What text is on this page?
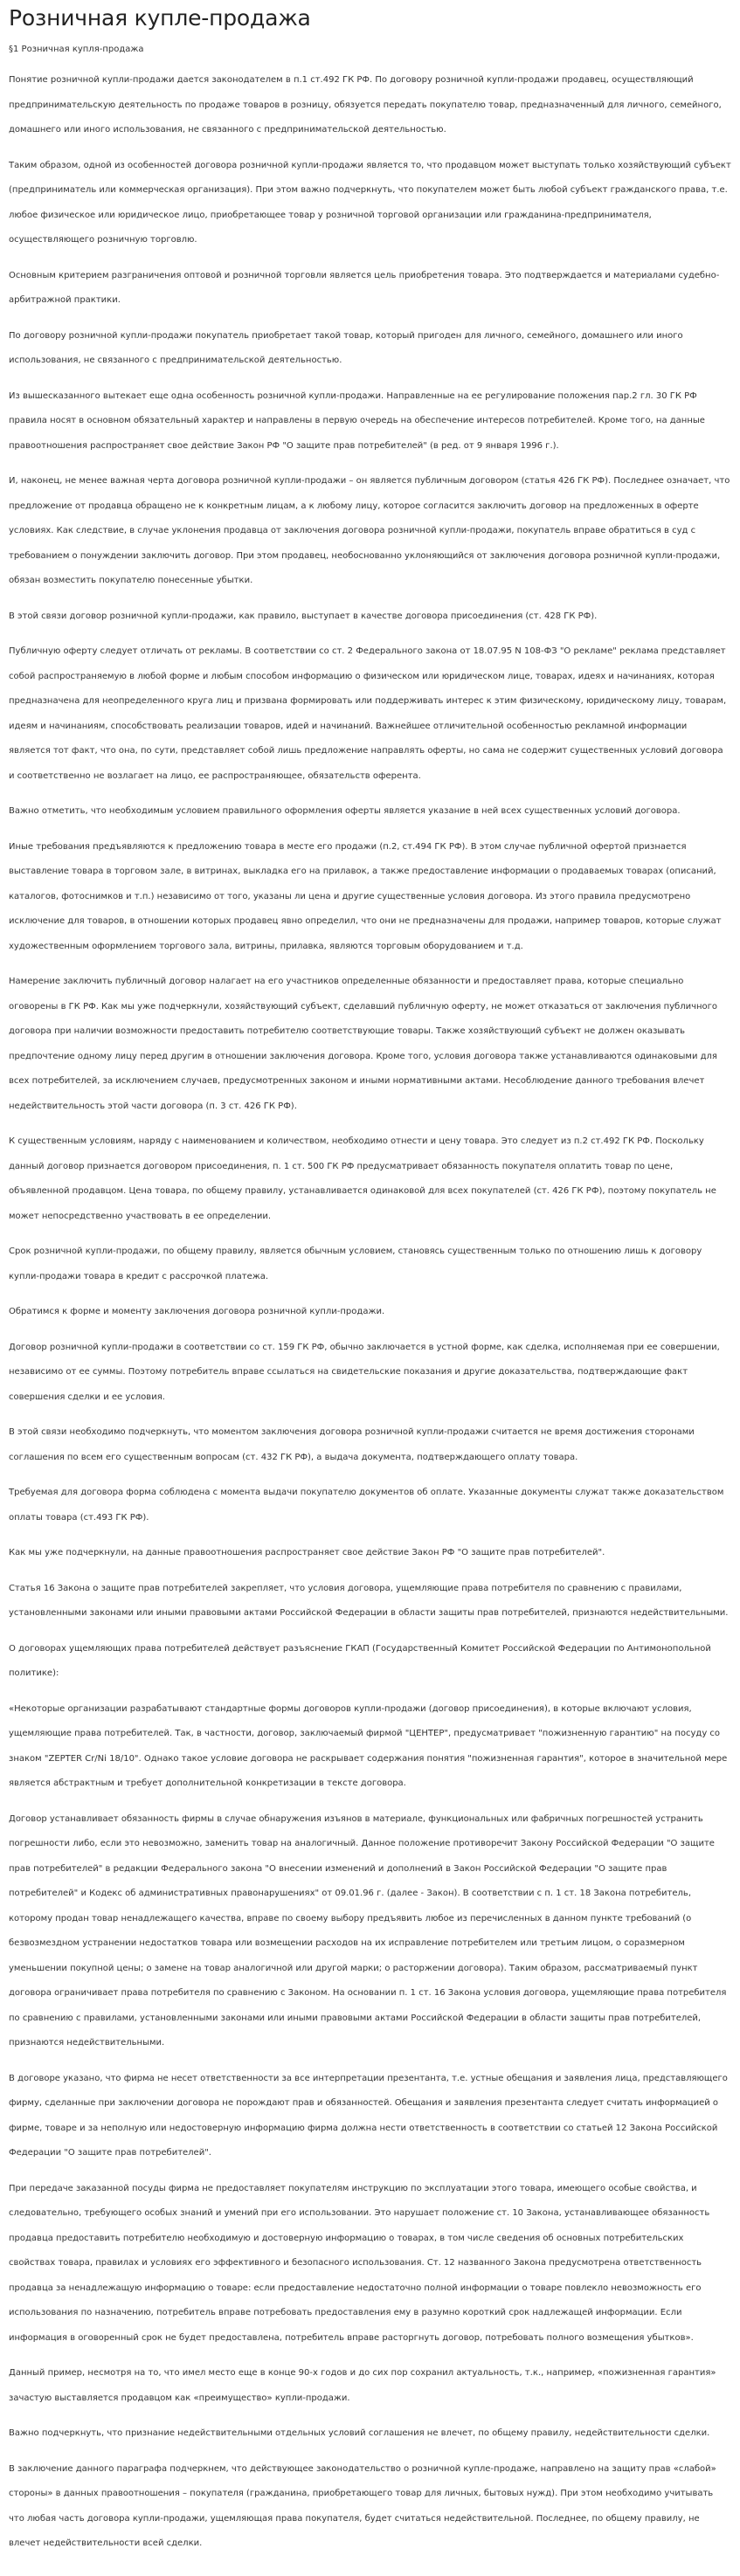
Розничная купле-продажа
§1 Розничная купля-продажа

Понятие розничной купли-продажи дается законодателем в п.1 ст.492 ГК РФ. По договору розничной купли-продажи продавец, осуществляющий предпринимательскую деятельность по продаже товаров в розницу, обязуется передать покупателю товар, предназначенный для личного, семейного, домашнего или иного использования, не связанного с предпринимательской деятельностью.

Таким образом, одной из особенностей договора розничной купли-продажи является то, что продавцом может выступать только хозяйствующий субъект (предприниматель или коммерческая организация). При этом важно подчеркнуть, что покупателем может быть любой субъект гражданского права, т.е. любое физическое или юридическое лицо, приобретающее товар у розничной торговой организации или гражданина-предпринимателя, осуществляющего розничную торговлю.

Основным критерием разграничения оптовой и розничной торговли является цель приобретения товара. Это подтверждается и материалами судебно-арбитражной практики.

По договору розничной купли-продажи покупатель приобретает такой товар, который пригоден для личного, семейного, домашнего или иного использования, не связанного с предпринимательской деятельностью.

Из вышесказанного вытекает еще одна особенность розничной купли-продажи. Направленные на ее регулирование положения пар.2 гл. 30 ГК РФ правила носят в основном обязательный характер и направлены в первую очередь на обеспечение интересов потребителей. Кроме того, на данные правоотношения распространяет свое действие Закон РФ "О защите прав потребителей" (в ред. от 9 января 1996 г.).

И, наконец, не менее важная черта договора розничной купли-продажи – он является публичным договором (статья 426 ГК РФ). Последнее означает, что предложение от продавца обращено не к конкретным лицам, а к любому лицу, которое согласится заключить договор на предложенных в оферте условиях. Как следствие, в случае уклонения продавца от заключения договора розничной купли-продажи, покупатель вправе обратиться в суд с требованием о понуждении заключить договор. При этом продавец, необоснованно уклоняющийся от заключения договора розничной купли-продажи, обязан возместить покупателю понесенные убытки.

В этой связи договор розничной купли-продажи, как правило, выступает в качестве договора присоединения (ст. 428 ГК РФ).

Публичную оферту следует отличать от рекламы. В соответствии со ст. 2 Федерального закона от 18.07.95 N 108-ФЗ "О рекламе" реклама представляет собой распространяемую в любой форме и любым способом информацию о физическом или юридическом лице, товарах, идеях и начинаниях, которая предназначена для неопределенного круга лиц и призвана формировать или поддерживать интерес к этим физическому, юридическому лицу, товарам, идеям и начинаниям, способствовать реализации товаров, идей и начинаний. Важнейшее отличительной особенностью рекламной информации является тот факт, что она, по сути, представляет собой лишь предложение направлять оферты, но сама не содержит существенных условий договора и соответственно не возлагает на лицо, ее распространяющее, обязательств оферента.

Важно отметить, что необходимым условием правильного оформления оферты является указание в ней всех существенных условий договора.

Иные требования предъявляются к предложению товара в месте его продажи (п.2, ст.494 ГК РФ). В этом случае публичной офертой признается выставление товара в торговом зале, в витринах, выкладка его на прилавок, а также предоставление информации о продаваемых товарах (описаний, каталогов, фотоснимков и т.п.) независимо от того, указаны ли цена и другие существенные условия договора. Из этого правила предусмотрено исключение для товаров, в отношении которых продавец явно определил, что они не предназначены для продажи, например товаров, которые служат художественным оформлением торгового зала, витрины, прилавка, являются торговым оборудованием и т.д.

Намерение заключить публичный договор налагает на его участников определенные обязанности и предоставляет права, которые специально оговорены в ГК РФ. Как мы уже подчеркнули, хозяйствующий субъект, сделавший публичную оферту, не может отказаться от заключения публичного договора при наличии возможности предоставить потребителю соответствующие товары. Также хозяйствующий субъект не должен оказывать предпочтение одному лицу перед другим в отношении заключения договора. Кроме того, условия договора также устанавливаются одинаковыми для всех потребителей, за исключением случаев, предусмотренных законом и иными нормативными актами. Несоблюдение данного требования влечет недействительность этой части договора (п. 3 ст. 426 ГК РФ).

К существенным условиям, наряду с наименованием и количеством, необходимо отнести и цену товара. Это следует из п.2 ст.492 ГК РФ. Поскольку данный договор признается договором присоединения, п. 1 ст. 500 ГК РФ предусматривает обязанность покупателя оплатить товар по цене, объявленной продавцом. Цена товара, по общему правилу, устанавливается одинаковой для всех покупателей (ст. 426 ГК РФ), поэтому покупатель не может непосредственно участвовать в ее определении.

Срок розничной купли-продажи, по общему правилу, является обычным условием, становясь существенным только по отношению лишь к договору купли-продажи товара в кредит с рассрочкой платежа.

Обратимся к форме и моменту заключения договора розничной купли-продажи.

Договор розничной купли-продажи в соответствии со ст. 159 ГК РФ, обычно заключается в устной форме, как сделка, исполняемая при ее совершении, независимо от ее суммы. Поэтому потребитель вправе ссылаться на свидетельские показания и другие доказательства, подтверждающие факт совершения сделки и ее условия.

В этой связи необходимо подчеркнуть, что моментом заключения договора розничной купли-продажи считается не время достижения сторонами соглашения по всем его существенным вопросам (ст. 432 ГК РФ), а выдача документа, подтверждающего оплату товара.

Требуемая для договора форма соблюдена с момента выдачи покупателю документов об оплате. Указанные документы служат также доказательством оплаты товара (ст.493 ГК РФ).

Как мы уже подчеркнули, на данные правоотношения распространяет свое действие Закон РФ "О защите прав потребителей".

Статья 16 Закона о защите прав потребителей закрепляет, что условия договора, ущемляющие права потребителя по сравнению с правилами, установленными законами или иными правовыми актами Российской Федерации в области защиты прав потребителей, признаются недействительными.

О договорах ущемляющих права потребителей действует разъяснение ГКАП (Государственный Комитет Российской Федерации по Антимонопольной политике):

«Некоторые организации разрабатывают стандартные формы договоров купли-продажи (договор присоединения), в которые включают условия, ущемляющие права потребителей. Так, в частности, договор, заключаемый фирмой "ЦЕНТЕР", предусматривает "пожизненную гарантию" на посуду со знаком "ZEPTER Cr/Ni 18/10". Однако такое условие договора не раскрывает содержания понятия "пожизненная гарантия", которое в значительной мере является абстрактным и требует дополнительной конкретизации в тексте договора.

Договор устанавливает обязанность фирмы в случае обнаружения изъянов в материале, функциональных или фабричных погрешностей устранить погрешности либо, если это невозможно, заменить товар на аналогичный. Данное положение противоречит Закону Российской Федерации "О защите прав потребителей" в редакции Федерального закона "О внесении изменений и дополнений в Закон Российской Федерации "О защите прав потребителей" и Кодекс об административных правонарушениях" от 09.01.96 г. (далее - Закон). В соответствии с п. 1 ст. 18 Закона потребитель, которому продан товар ненадлежащего качества, вправе по своему выбору предъявить любое из перечисленных в данном пункте требований (о безвозмездном устранении недостатков товара или возмещении расходов на их исправление потребителем или третьим лицом, о соразмерном уменьшении покупной цены; о замене на товар аналогичной или другой марки; о расторжении договора). Таким образом, рассматриваемый пункт договора ограничивает права потребителя по сравнению с Законом. На основании п. 1 ст. 16 Закона условия договора, ущемляющие права потребителя по сравнению с правилами, установленными законами или иными правовыми актами Российской Федерации в области защиты прав потребителей, признаются недействительными.

В договоре указано, что фирма не несет ответственности за все интерпретации презентанта, т.е. устные обещания и заявления лица, представляющего фирму, сделанные при заключении договора не порождают прав и обязанностей. Обещания и заявления презентанта следует считать информацией о фирме, товаре и за неполную или недостоверную информацию фирма должна нести ответственность в соответствии со статьей 12 Закона Российской Федерации "О защите прав потребителей".

При передаче заказанной посуды фирма не предоставляет покупателям инструкцию по эксплуатации этого товара, имеющего особые свойства, и следовательно, требующего особых знаний и умений при его использовании. Это нарушает положение ст. 10 Закона, устанавливающее обязанность продавца предоставить потребителю необходимую и достоверную информацию о товарах, в том числе сведения об основных потребительских свойствах товара, правилах и условиях его эффективного и безопасного использования. Ст. 12 названного Закона предусмотрена ответственность продавца за ненадлежащую информацию о товаре: если предоставление недостаточно полной информации о товаре повлекло невозможность его использования по назначению, потребитель вправе потребовать предоставления ему в разумно короткий срок надлежащей информации. Если информация в оговоренный срок не будет предоставлена, потребитель вправе расторгнуть договор, потребовать полного возмещения убытков».

Данный пример, несмотря на то, что имел место еще в конце 90-х годов и до сих пор сохранил актуальность, т.к., например, «пожизненная гарантия» зачастую выставляется продавцом как «преимущество» купли-продажи.

Важно подчеркнуть, что признание недействительными отдельных условий соглашения не влечет, по общему правилу, недействительности сделки.

В заключение данного параграфа подчеркнем, что действующее законодательство о розничной купле-продаже, направлено на защиту прав «слабой» стороны» в данных правоотношения – покупателя (гражданина, приобретающего товар для личных, бытовых нужд). При этом необходимо учитывать что любая часть договора купли-продажи, ущемляющая права покупателя, будет считаться недействительной. Последнее, по общему правилу, не влечет недействительности всей сделки.
